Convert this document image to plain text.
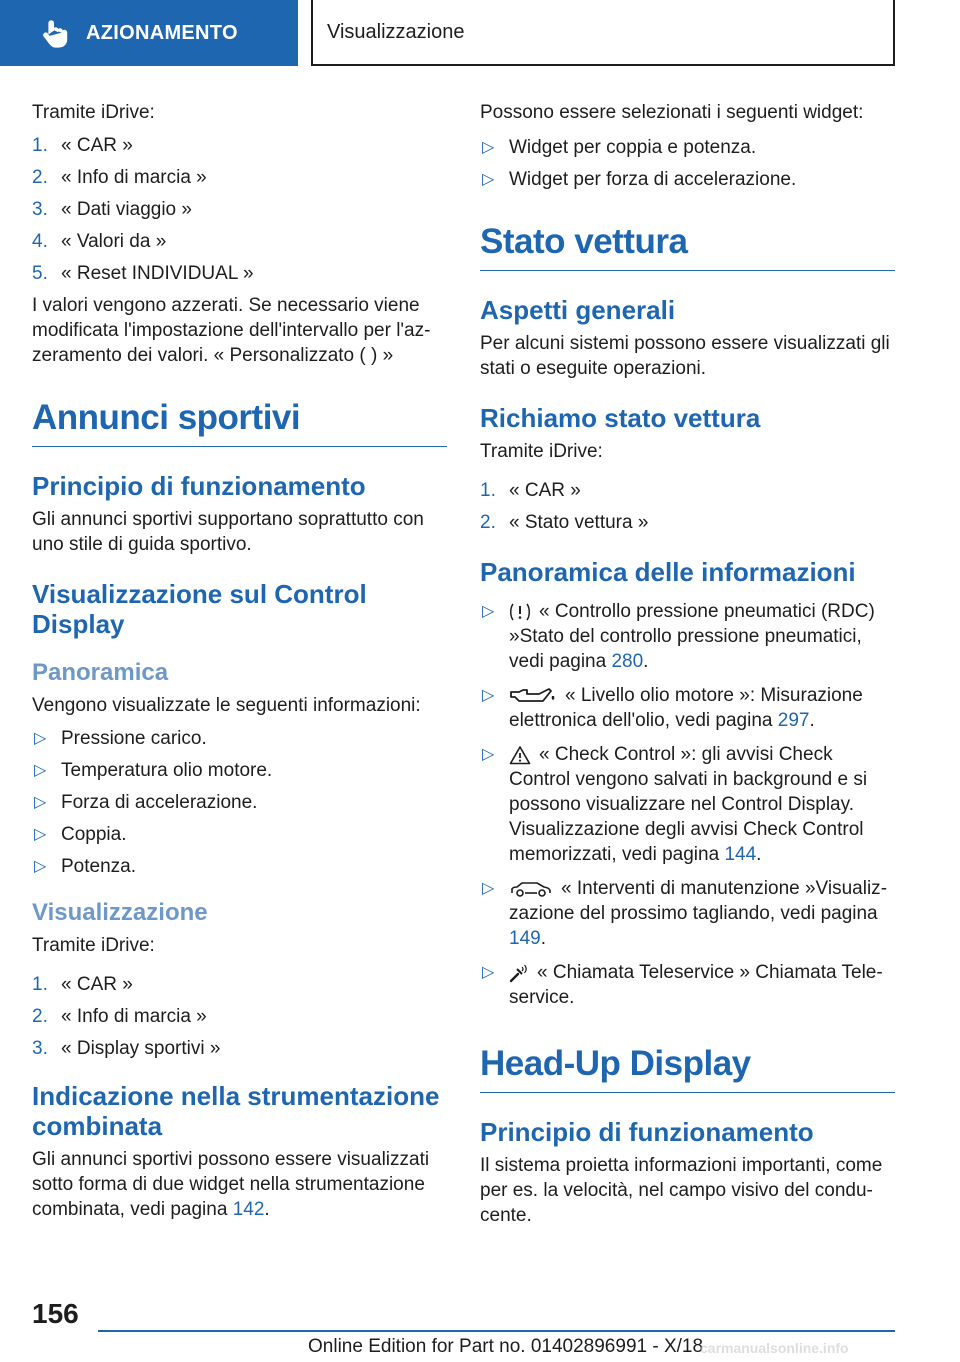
AZIONAMENTO	Visualizzazione

Tramite iDrive:

1. « CAR »
2. « Info di marcia »
3. « Dati viaggio »
4. « Valori da »
5. « Reset INDIVIDUAL »

I valori vengono azzerati. Se necessario viene modificata l'impostazione dell'intervallo per l'azzeramento dei valori. « Personalizzato ( ) »

Annunci sportivi
Principio di funzionamento

Gli annunci sportivi supportano soprattutto con uno stile di guida sportivo.

Visualizzazione sul Control Display
Panoramica

Vengono visualizzate le seguenti informazioni:

▷ Pressione carico.
▷ Temperatura olio motore.
▷ Forza di accelerazione.
▷ Coppia.
▷ Potenza.
Visualizzazione

Tramite iDrive:

1. « CAR »
2. « Info di marcia »
3. « Display sportivi »
Indicazione nella strumentazione combinata

Gli annunci sportivi possono essere visualizzati sotto forma di due widget nella strumentazione combinata, vedi pagina 142.

Possono essere selezionati i seguenti widget:

▷ Widget per coppia e potenza.
▷ Widget per forza di accelerazione.
Stato vettura
Aspetti generali

Per alcuni sistemi possono essere visualizzati gli stati o eseguite operazioni.

Richiamo stato vettura

Tramite iDrive:

1. « CAR »
2. « Stato vettura »
Panoramica delle informazioni
▷	« Controllo pressione pneumatici (RDC) »Stato del controllo pressione pneumatici, vedi pagina 280.
▷	« Livello olio motore »: Misurazione elettronica dell'olio, vedi pagina 297.
▷	« Check Control »: gli avvisi Check Control vengono salvati in background e si possono visualizzare nel Control Display. Visualizzazione degli avvisi Check Control memorizzati, vedi pagina 144.
▷	« Interventi di manutenzione »Visualizzazione del prossimo tagliando, vedi pagina 149.
▷	« Chiamata Teleservice » Chiamata Teleservice.
Head-Up Display
Principio di funzionamento

Il sistema proietta informazioni importanti, come per es. la velocità, nel campo visivo del conducente.

156
Online Edition for Part no. 01402896991 - X/18
carmanualsonline.info
